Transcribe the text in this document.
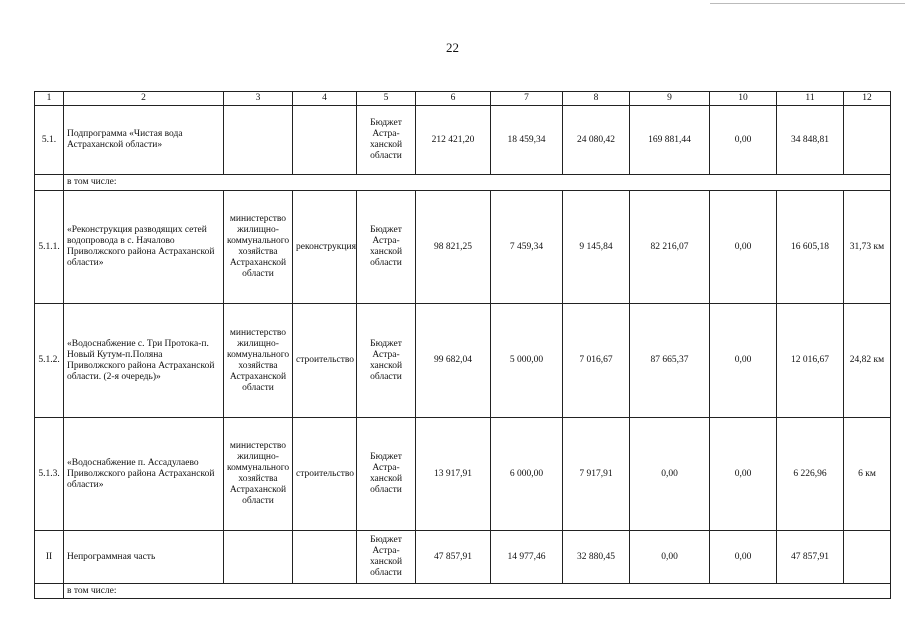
22
1	2	3	4	5	6	7	8	9	10	11	12
5.1.	Подпрограмма «Чистая вода Астраханской области»			Бюджет Астра-ханской области	212 421,20	18 459,34	24 080,42	169 881,44	0,00	34 848,81	
	в том числе:										
5.1.1.	«Реконструкция разводящих сетей водопровода в с. Началово Приволжского района Астраханской области»	министерство жилищно-коммунального хозяйства Астраханской области	реконструкция	Бюджет Астра-ханской области	98 821,25	7 459,34	9 145,84	82 216,07	0,00	16 605,18	31,73 км
5.1.2.	«Водоснабжение с. Три Протока-п. Новый Кутум-п.Поляна Приволжского района Астраханской области. (2-я очередь)»	министерство жилищно-коммунального хозяйства Астраханской области	строительство	Бюджет Астра-ханской области	99 682,04	5 000,00	7 016,67	87 665,37	0,00	12 016,67	24,82 км
5.1.3.	«Водоснабжение п. Ассадулаево Приволжского района Астраханской области»	министерство жилищно-коммунального хозяйства Астраханской области	строительство	Бюджет Астра-ханской области	13 917,91	6 000,00	7 917,91	0,00	0,00	6 226,96	6 км
II	Непрограммная часть			Бюджет Астра-ханской области	47 857,91	14 977,46	32 880,45	0,00	0,00	47 857,91	
	в том числе:										
